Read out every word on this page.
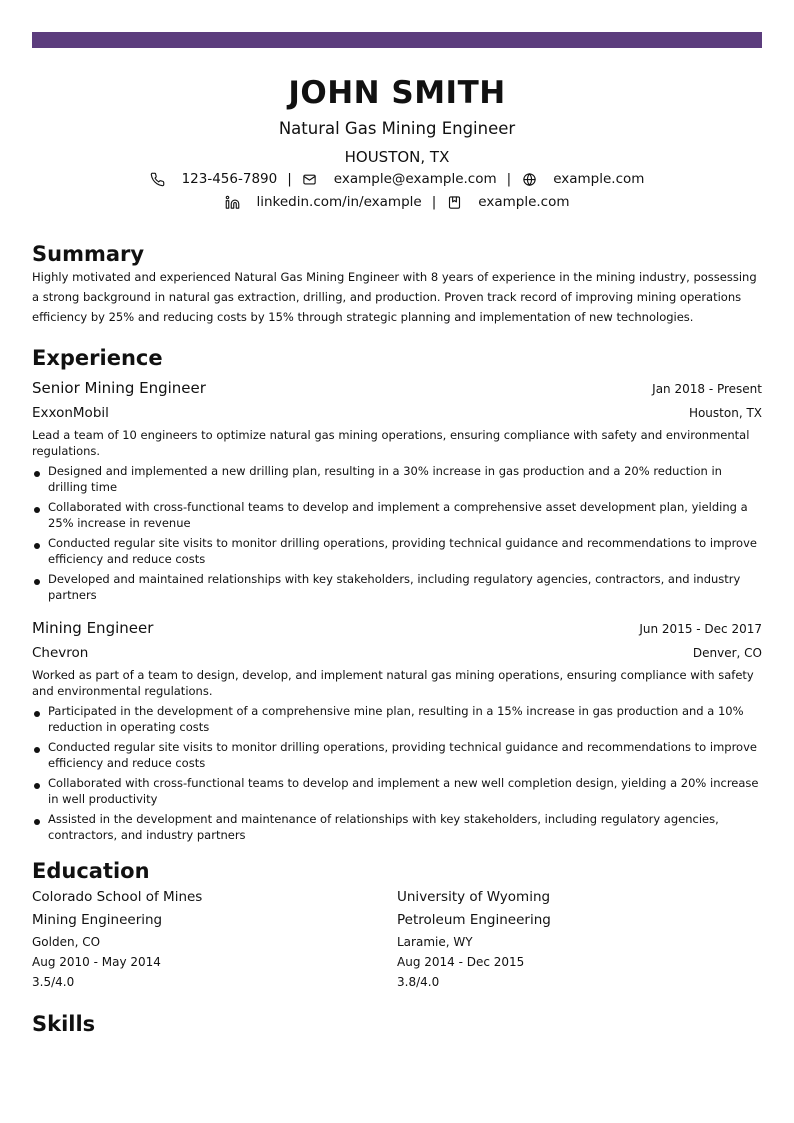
JOHN SMITH
Natural Gas Mining Engineer
HOUSTON, TX
123-456-7890 |	example@example.com |	example.com
linkedin.com/in/example |	example.com
Summary
Highly motivated and experienced Natural Gas Mining Engineer with 8 years of experience in the mining industry, possessing a strong background in natural gas extraction, drilling, and production. Proven track record of improving mining operations efficiency by 25% and reducing costs by 15% through strategic planning and implementation of new technologies.
Experience
Senior Mining Engineer	Jan 2018 - Present
ExxonMobil	Houston, TX
Lead a team of 10 engineers to optimize natural gas mining operations, ensuring compliance with safety and environmental regulations.
Designed and implemented a new drilling plan, resulting in a 30% increase in gas production and a 20% reduction in drilling time
Collaborated with cross-functional teams to develop and implement a comprehensive asset development plan, yielding a 25% increase in revenue
Conducted regular site visits to monitor drilling operations, providing technical guidance and recommendations to improve efficiency and reduce costs
Developed and maintained relationships with key stakeholders, including regulatory agencies, contractors, and industry partners
Mining Engineer	Jun 2015 - Dec 2017
Chevron	Denver, CO
Worked as part of a team to design, develop, and implement natural gas mining operations, ensuring compliance with safety and environmental regulations.
Participated in the development of a comprehensive mine plan, resulting in a 15% increase in gas production and a 10% reduction in operating costs
Conducted regular site visits to monitor drilling operations, providing technical guidance and recommendations to improve efficiency and reduce costs
Collaborated with cross-functional teams to develop and implement a new well completion design, yielding a 20% increase in well productivity
Assisted in the development and maintenance of relationships with key stakeholders, including regulatory agencies, contractors, and industry partners
Education
Colorado School of Mines
Mining Engineering
Golden, CO
Aug 2010 - May 2014
3.5/4.0
University of Wyoming
Petroleum Engineering
Laramie, WY
Aug 2014 - Dec 2015
3.8/4.0
Skills
